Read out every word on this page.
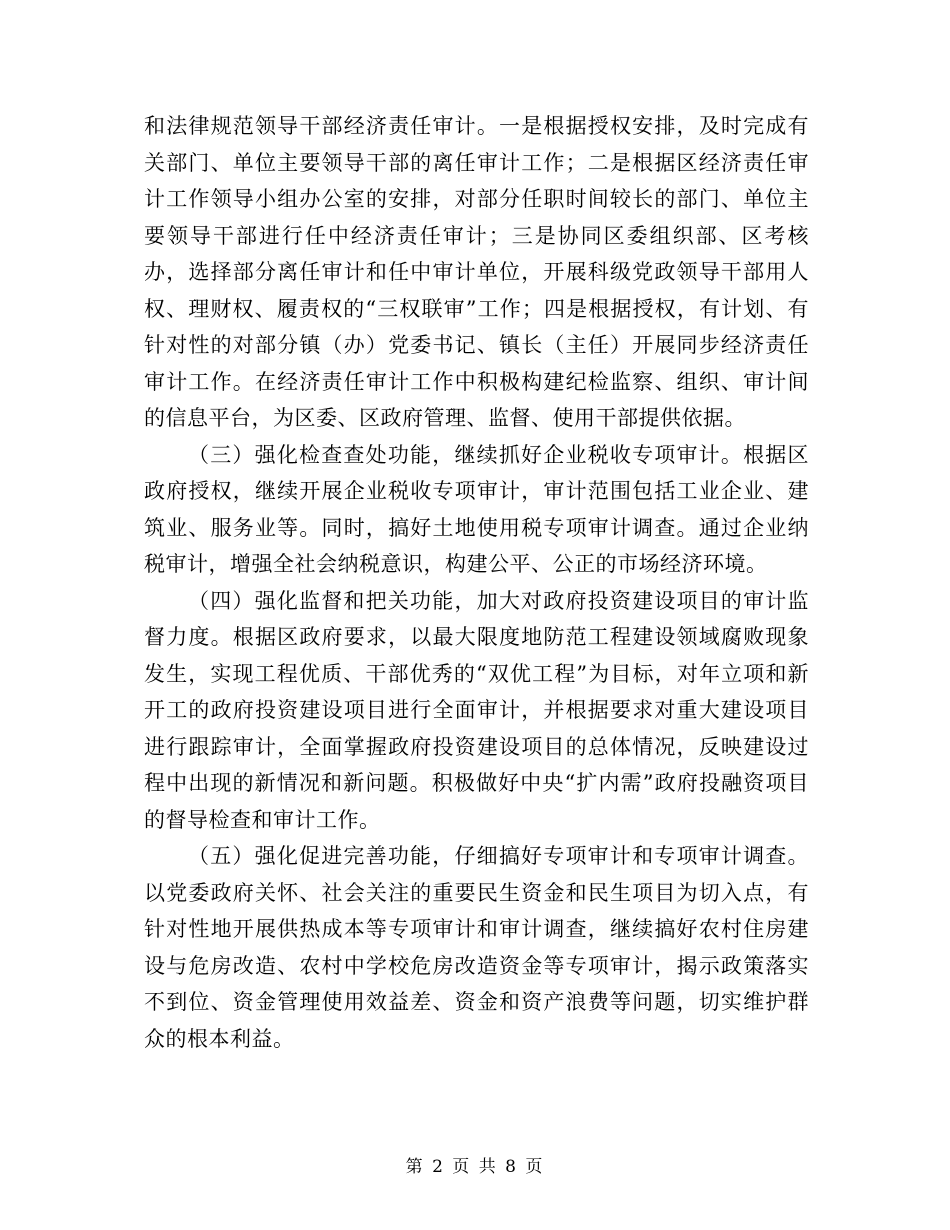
和法律规范领导干部经济责任审计。一是根据授权安排，及时完成有关部门、单位主要领导干部的离任审计工作；二是根据区经济责任审计工作领导小组办公室的安排，对部分任职时间较长的部门、单位主要领导干部进行任中经济责任审计；三是协同区委组织部、区考核办，选择部分离任审计和任中审计单位，开展科级党政领导干部用人权、理财权、履责权的“三权联审”工作；四是根据授权，有计划、有针对性的对部分镇（办）党委书记、镇长（主任）开展同步经济责任审计工作。在经济责任审计工作中积极构建纪检监察、组织、审计间的信息平台，为区委、区政府管理、监督、使用干部提供依据。

（三）强化检查查处功能，继续抓好企业税收专项审计。根据区政府授权，继续开展企业税收专项审计，审计范围包括工业企业、建筑业、服务业等。同时，搞好土地使用税专项审计调查。通过企业纳税审计，增强全社会纳税意识，构建公平、公正的市场经济环境。

（四）强化监督和把关功能，加大对政府投资建设项目的审计监督力度。根据区政府要求，以最大限度地防范工程建设领域腐败现象发生，实现工程优质、干部优秀的“双优工程”为目标，对年立项和新开工的政府投资建设项目进行全面审计，并根据要求对重大建设项目进行跟踪审计，全面掌握政府投资建设项目的总体情况，反映建设过程中出现的新情况和新问题。积极做好中央“扩内需”政府投融资项目的督导检查和审计工作。

（五）强化促进完善功能，仔细搞好专项审计和专项审计调查。以党委政府关怀、社会关注的重要民生资金和民生项目为切入点，有针对性地开展供热成本等专项审计和审计调查，继续搞好农村住房建设与危房改造、农村中学校危房改造资金等专项审计，揭示政策落实不到位、资金管理使用效益差、资金和资产浪费等问题，切实维护群众的根本利益。

第 2 页 共 8 页
